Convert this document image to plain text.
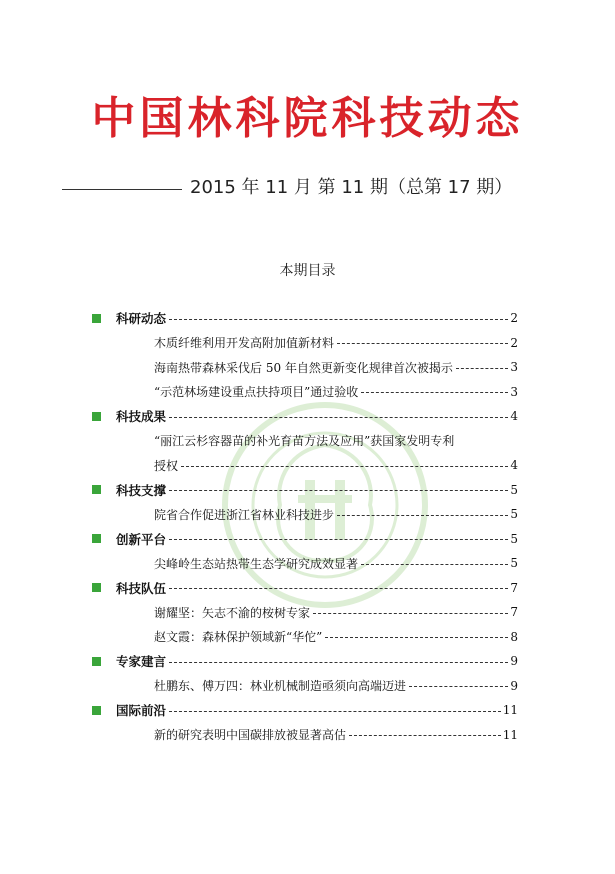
中国林科院科技动态
2015 年 11 月 第 11 期（总第 17 期）
本期目录
科研动态	2
木质纤维利用开发高附加值新材料	2
海南热带森林采伐后 50 年自然更新变化规律首次被揭示	3
“示范林场建设重点扶持项目”通过验收	3
科技成果	4
“丽江云杉容器苗的补光育苗方法及应用”获国家发明专利
授权	4
科技支撑	5
院省合作促进浙江省林业科技进步	5
创新平台	5
尖峰岭生态站热带生态学研究成效显著	5
科技队伍	7
谢耀坚：矢志不渝的桉树专家	7
赵文霞：森林保护领域新“华佗”	8
专家建言	9
杜鹏东、傅万四：林业机械制造亟须向高端迈进	9
国际前沿	11
新的研究表明中国碳排放被显著高估	11
